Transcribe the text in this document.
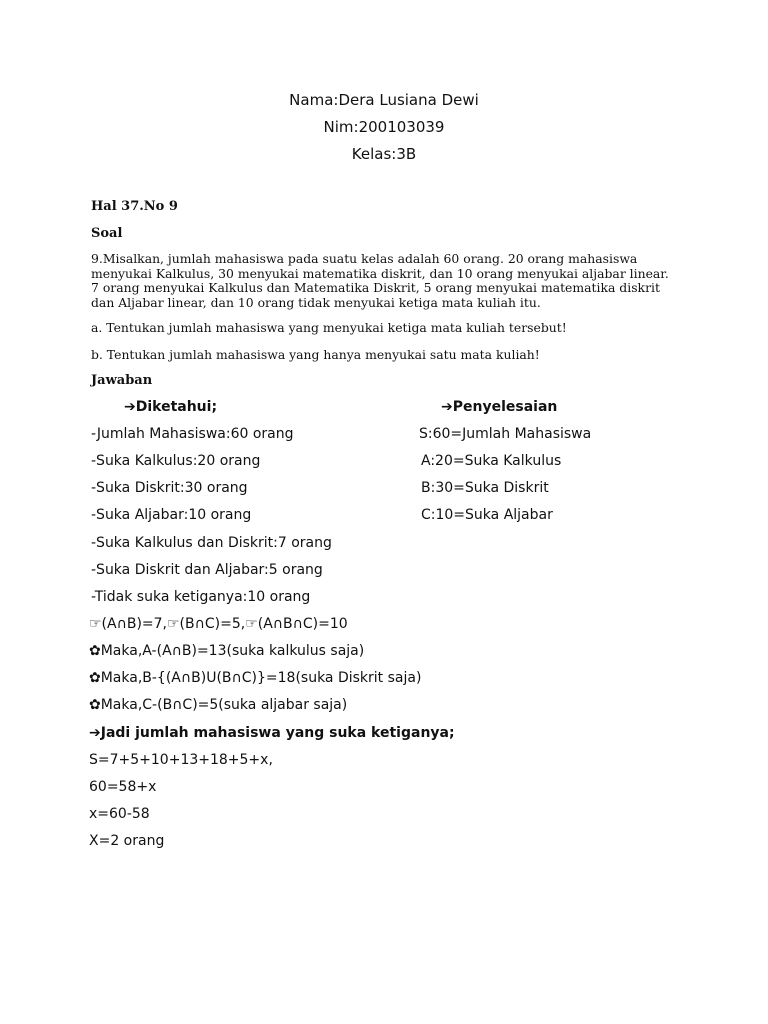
Nama:Dera Lusiana Dewi
Nim:200103039
Kelas:3B
Hal 37.No 9
Soal
9.Misalkan, jumlah mahasiswa pada suatu kelas adalah 60 orang. 20 orang mahasiswa
menyukai Kalkulus, 30 menyukai matematika diskrit, dan 10 orang menyukai aljabar linear.
7 orang menyukai Kalkulus dan Matematika Diskrit, 5 orang menyukai matematika diskrit
dan Aljabar linear, dan 10 orang tidak menyukai ketiga mata kuliah itu.
a. Tentukan jumlah mahasiswa yang menyukai ketiga mata kuliah tersebut!
b. Tentukan jumlah mahasiswa yang hanya menyukai satu mata kuliah!
Jawaban
➔Diketahui;	➔Penyelesaian
-Jumlah Mahasiswa:60 orang
-Suka Kalkulus:20 orang
-Suka Diskrit:30 orang
-Suka Aljabar:10 orang
-Suka Kalkulus dan Diskrit:7 orang
-Suka Diskrit dan Aljabar:5 orang
-Tidak suka ketiganya:10 orang
S:60=Jumlah Mahasiswa
A:20=Suka Kalkulus
B:30=Suka Diskrit
C:10=Suka Aljabar
☞(A∩B)=7,☞(B∩C)=5,☞(A∩B∩C)=10
✿Maka,A-(A∩B)=13(suka kalkulus saja)
✿Maka,B-{(A∩B)U(B∩C)}=18(suka Diskrit saja)
✿Maka,C-(B∩C)=5(suka aljabar saja)
➔Jadi jumlah mahasiswa yang suka ketiganya;
S=7+5+10+13+18+5+x,
60=58+x
x=60-58
X=2 orang
